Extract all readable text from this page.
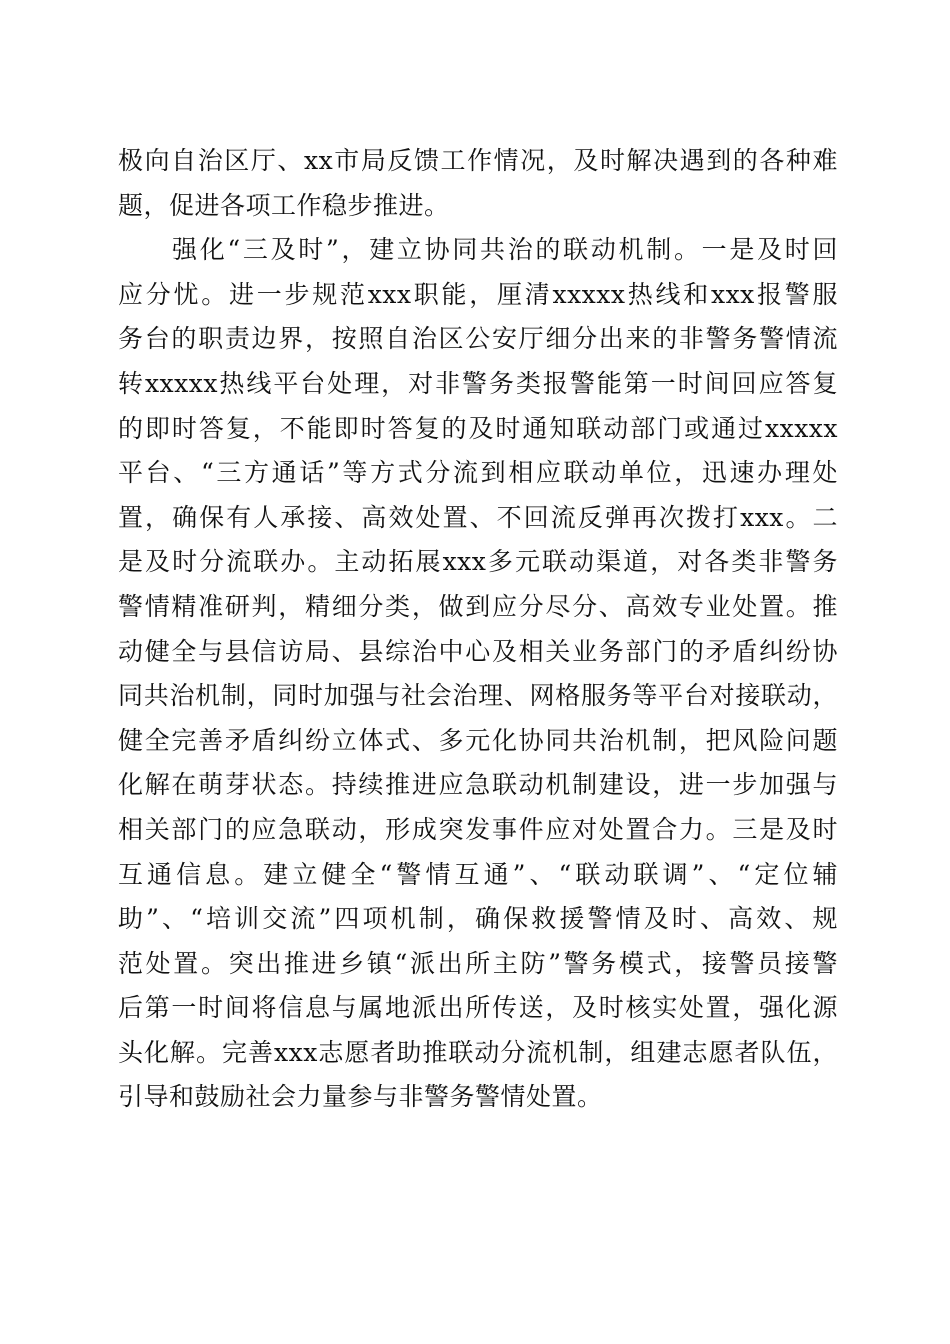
极向自治区厅、xx市局反馈工作情况，及时解决遇到的各种难
题，促进各项工作稳步推进。
强化“三及时”，建立协同共治的联动机制。一是及时回
应分忧。进一步规范xxx职能，厘清xxxxx热线和xxx报警服
务台的职责边界，按照自治区公安厅细分出来的非警务警情流
转xxxxx热线平台处理，对非警务类报警能第一时间回应答复
的即时答复，不能即时答复的及时通知联动部门或通过xxxxx
平台、“三方通话”等方式分流到相应联动单位，迅速办理处
置，确保有人承接、高效处置、不回流反弹再次拨打xxx。二
是及时分流联办。主动拓展xxx多元联动渠道，对各类非警务
警情精准研判，精细分类，做到应分尽分、高效专业处置。推
动健全与县信访局、县综治中心及相关业务部门的矛盾纠纷协
同共治机制，同时加强与社会治理、网格服务等平台对接联动，
健全完善矛盾纠纷立体式、多元化协同共治机制，把风险问题
化解在萌芽状态。持续推进应急联动机制建设，进一步加强与
相关部门的应急联动，形成突发事件应对处置合力。三是及时
互通信息。建立健全“警情互通”、“联动联调”、“定位辅
助”、“培训交流”四项机制，确保救援警情及时、高效、规
范处置。突出推进乡镇“派出所主防”警务模式，接警员接警
后第一时间将信息与属地派出所传送，及时核实处置，强化源
头化解。完善xxx志愿者助推联动分流机制，组建志愿者队伍，
引导和鼓励社会力量参与非警务警情处置。
